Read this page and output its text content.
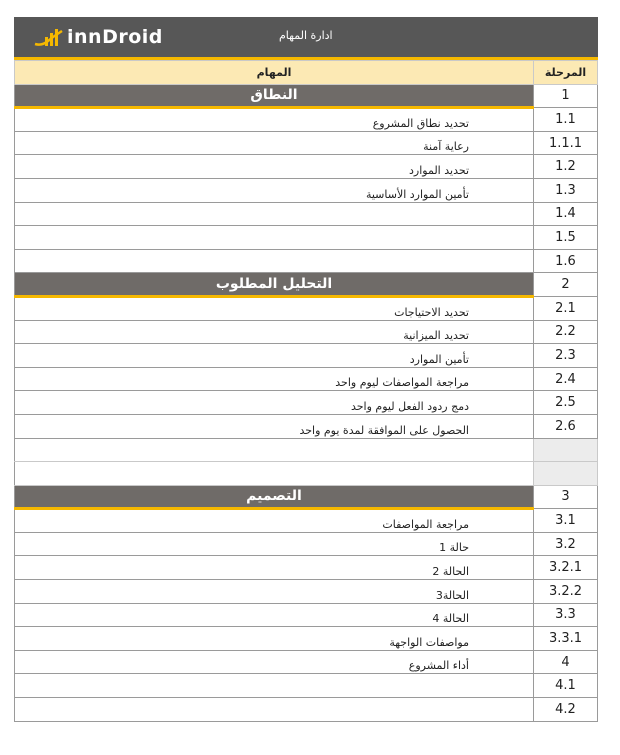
innDroid	ادارة المهام
المهام	المرحلة
النطاق	1
تحديد نطاق المشروع	1.1
رعاية آمنة	1.1.1
تحديد الموارد	1.2
تأمين الموارد الأساسية	1.3
	1.4
	1.5
	1.6
التحليل المطلوب	2
تحديد الاحتياجات	2.1
تحديد الميزانية	2.2
تأمين الموارد	2.3
مراجعة المواصفات ليوم واحد	2.4
دمج ردود الفعل ليوم واحد	2.5
الحصول على الموافقة لمدة يوم واحد	2.6

التصميم	3
مراجعة المواصفات	3.1
حالة 1	3.2
الحالة 2	3.2.1
الحالة3	3.2.2
الحالة 4	3.3
مواصفات الواجهة	3.3.1
أداء المشروع	4
	4.1
	4.2
